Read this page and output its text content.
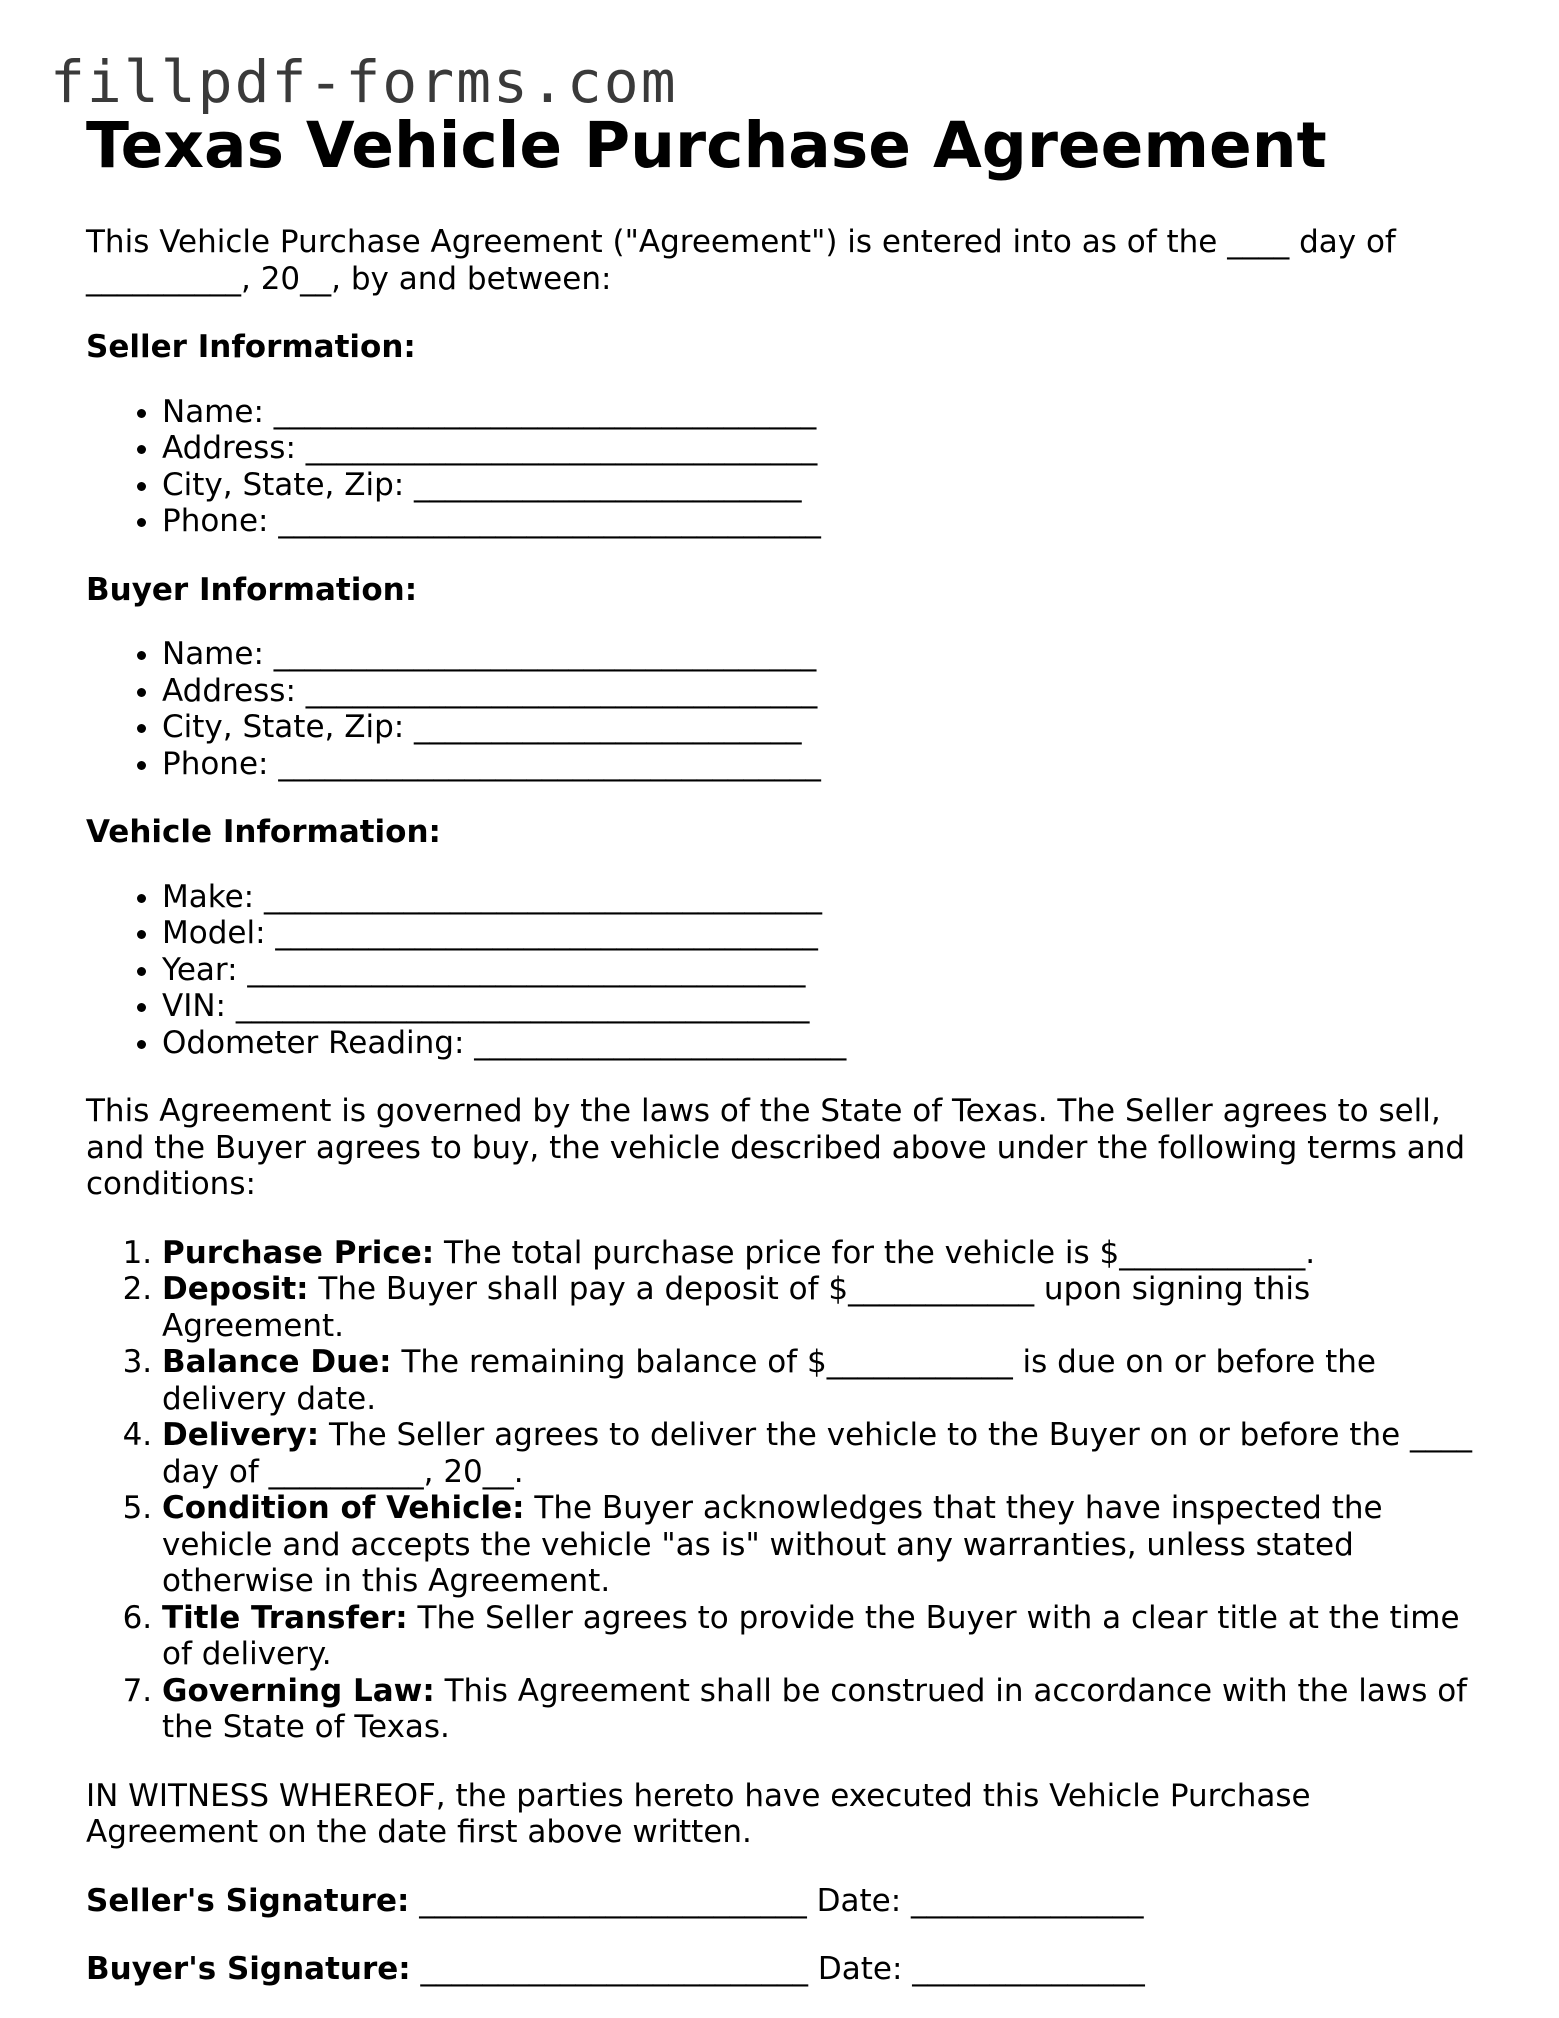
fillpdf-forms.com
Texas Vehicle Purchase Agreement

This Vehicle Purchase Agreement ("Agreement") is entered into as of the ____ day of __________, 20__, by and between:

Seller Information:
• Name: ___________________________________
• Address: _________________________________
• City, State, Zip: _________________________
• Phone: ___________________________________
Buyer Information:
• Name: ___________________________________
• Address: _________________________________
• City, State, Zip: _________________________
• Phone: ___________________________________
Vehicle Information:
• Make: ____________________________________
• Model: ___________________________________
• Year: ____________________________________
• VIN: _____________________________________
• Odometer Reading: ________________________

This Agreement is governed by the laws of the State of Texas. The Seller agrees to sell, and the Buyer agrees to buy, the vehicle described above under the following terms and conditions:

1. Purchase Price: The total purchase price for the vehicle is $____________.
2. Deposit: The Buyer shall pay a deposit of $____________ upon signing this Agreement.
3. Balance Due: The remaining balance of $____________ is due on or before the delivery date.
4. Delivery: The Seller agrees to deliver the vehicle to the Buyer on or before the ____ day of __________, 20__.
5. Condition of Vehicle: The Buyer acknowledges that they have inspected the vehicle and accepts the vehicle "as is" without any warranties, unless stated otherwise in this Agreement.
6. Title Transfer: The Seller agrees to provide the Buyer with a clear title at the time of delivery.
7. Governing Law: This Agreement shall be construed in accordance with the laws of the State of Texas.

IN WITNESS WHEREOF, the parties hereto have executed this Vehicle Purchase Agreement on the date first above written.

Seller's Signature: _________________________ Date: _______________
Buyer's Signature: _________________________ Date: _______________
